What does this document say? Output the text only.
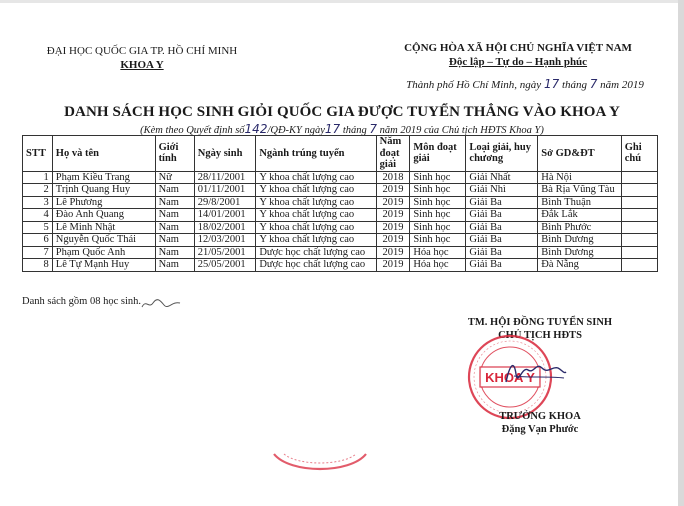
ĐẠI HỌC QUỐC GIA TP. HỒ CHÍ MINH
KHOA Y
CỘNG HÒA XÃ HỘI CHỦ NGHĨA VIỆT NAM
Độc lập – Tự do – Hạnh phúc
Thành phố Hồ Chí Minh, ngày 17 tháng 7 năm 2019
DANH SÁCH HỌC SINH GIỎI QUỐC GIA ĐƯỢC TUYỂN THẲNG VÀO KHOA Y
(Kèm theo Quyết định số142/QĐ-KY ngày17 tháng 7 năm 2019 của Chủ tịch HĐTS Khoa Y)
STT	Họ và tên	Giới tính	Ngày sinh	Ngành trúng tuyển	Năm đoạt giải	Môn đoạt giải	Loại giải, huy chương	Sở GD&ĐT	Ghi chú
1	Phạm Kiều Trang	Nữ	28/11/2001	Y khoa chất lượng cao	2018	Sinh học	Giải Nhất	Hà Nội	
2	Trịnh Quang Huy	Nam	01/11/2001	Y khoa chất lượng cao	2019	Sinh học	Giải Nhì	Bà Rịa Vũng Tàu	
3	Lê Phương	Nam	29/8/2001	Y khoa chất lượng cao	2019	Sinh học	Giải Ba	Bình Thuận	
4	Đào Anh Quang	Nam	14/01/2001	Y khoa chất lượng cao	2019	Sinh học	Giải Ba	Đắk Lắk	
5	Lê Minh Nhật	Nam	18/02/2001	Y khoa chất lượng cao	2019	Sinh học	Giải Ba	Bình Phước	
6	Nguyễn Quốc Thái	Nam	12/03/2001	Y khoa chất lượng cao	2019	Sinh học	Giải Ba	Bình Dương	
7	Phạm Quốc Anh	Nam	21/05/2001	Dược học chất lượng cao	2019	Hóa học	Giải Ba	Bình Dương	
8	Lê Tự Mạnh Huy	Nam	25/05/2001	Dược học chất lượng cao	2019	Hóa học	Giải Ba	Đà Nẵng	
Danh sách gồm 08 học sinh.
TM. HỘI ĐỒNG TUYỂN SINH
CHỦ TỊCH HĐTS
KHOA Y
TRƯỞNG KHOA
Đặng Vạn Phước
